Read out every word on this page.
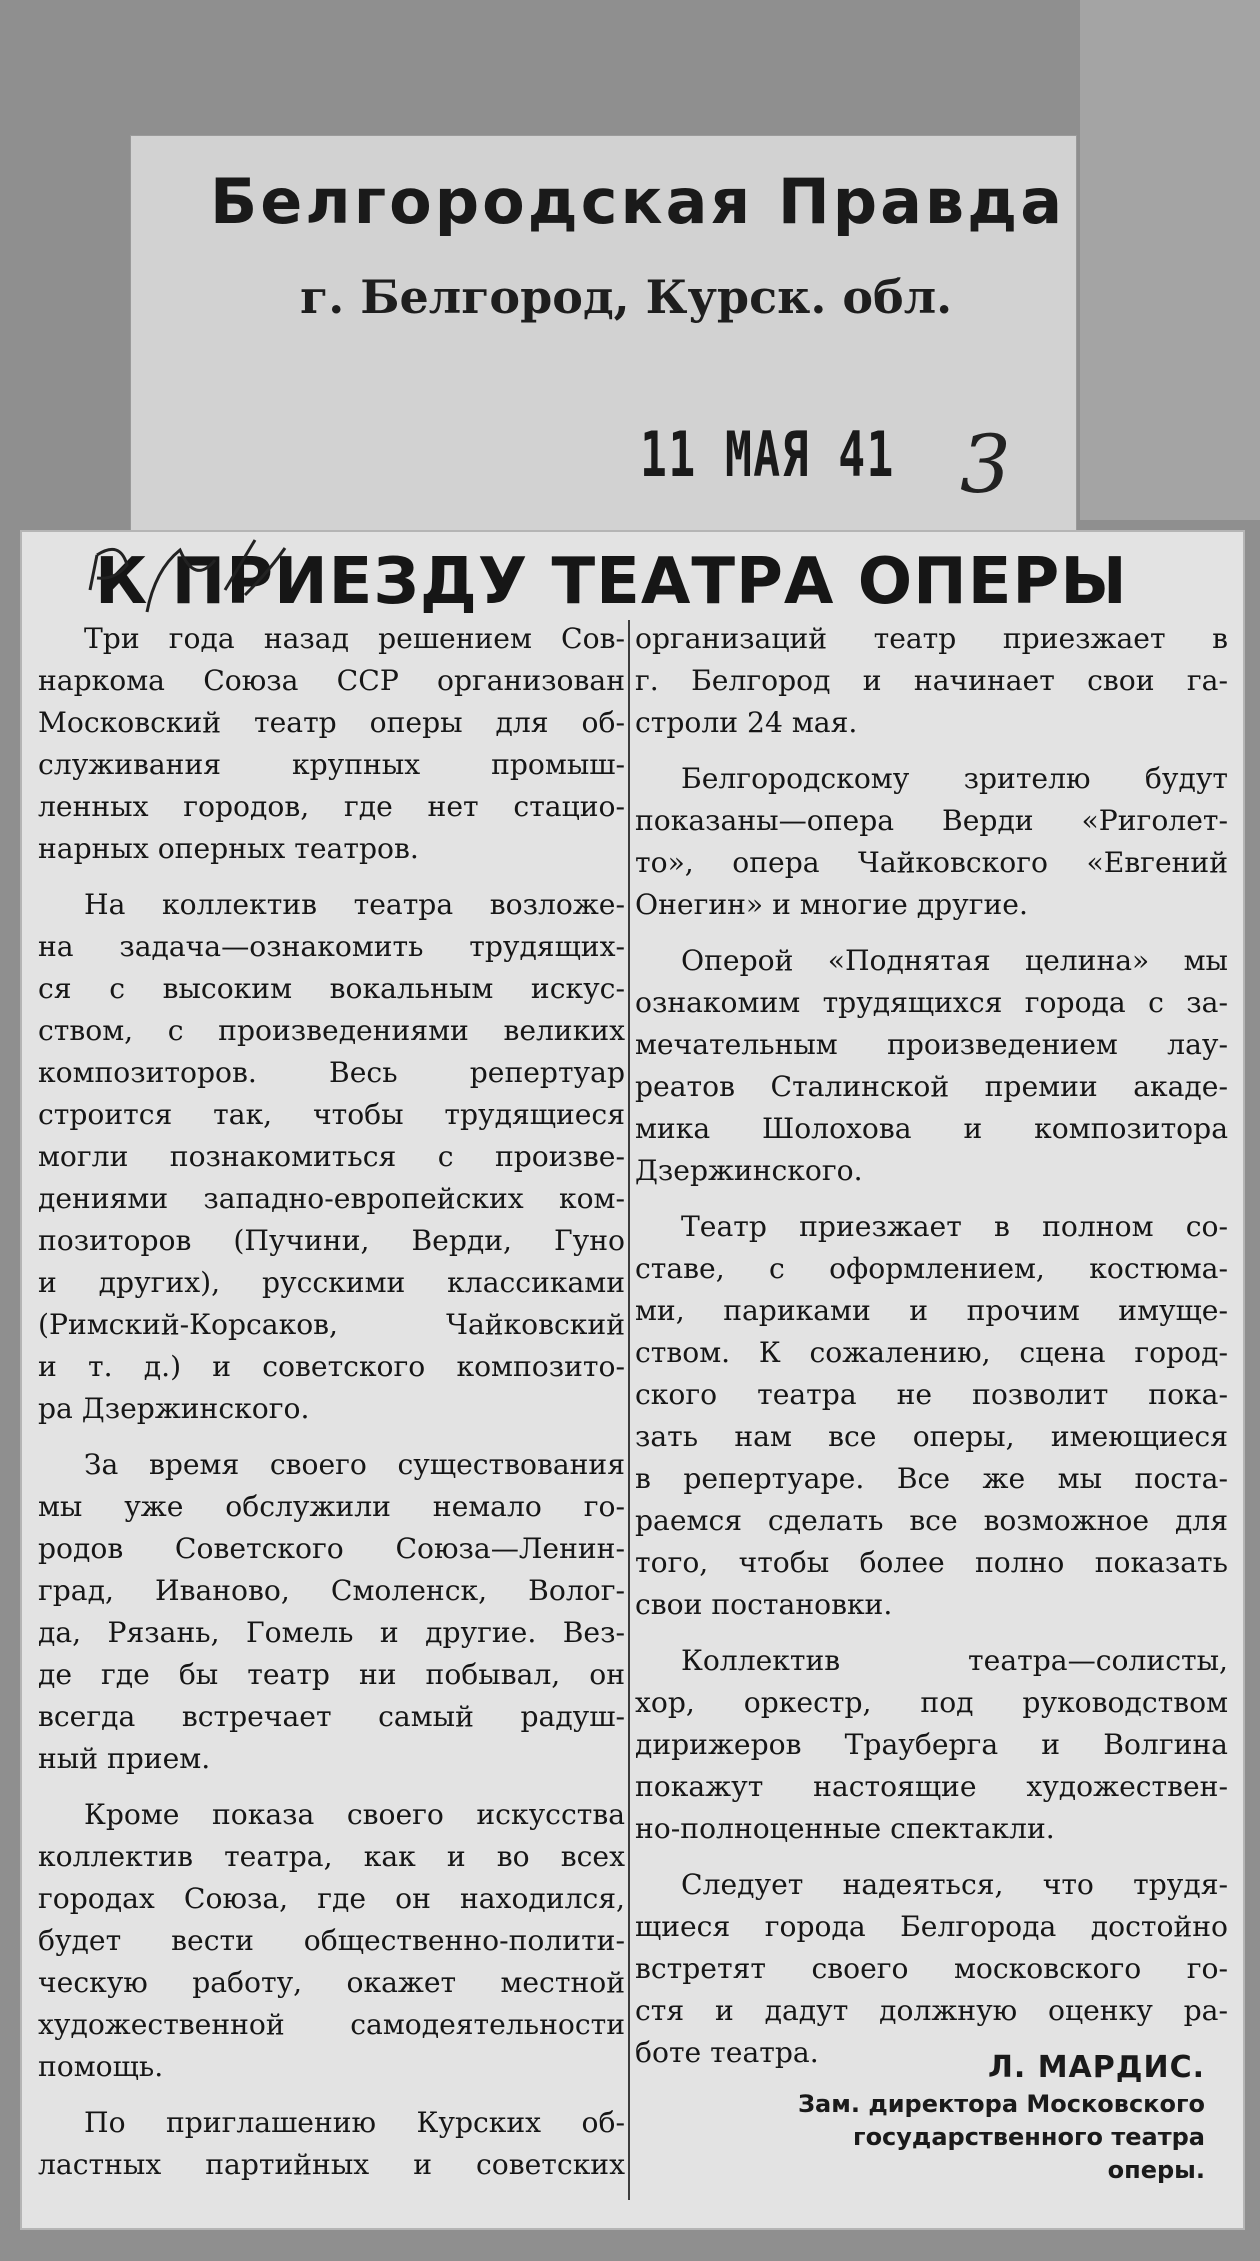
Белгородская Правда
г. Белгород, Курск. обл.
11 МАЯ 41 3
К ПРИЕЗДУ ТЕАТРА ОПЕРЫ
Три года назад решением Сов-
наркома Союза ССР организован
Московский театр оперы для об-
служивания крупных промыш-
ленных городов, где нет стацио-
нарных оперных театров.
На коллектив театра возложе-
на задача—ознакомить трудящих-
ся с высоким вокальным искус-
ством, с произведениями великих
композиторов. Весь репертуар
строится так, чтобы трудящиеся
могли познакомиться с произве-
дениями западно-европейских ком-
позиторов (Пучини, Верди, Гуно
и других), русскими классиками
(Римский-Корсаков, Чайковский
и т. д.) и советского композито-
ра Дзержинского.
За время своего существования
мы уже обслужили немало го-
родов Советского Союза—Ленин-
град, Иваново, Смоленск, Волог-
да, Рязань, Гомель и другие. Вез-
де где бы театр ни побывал, он
всегда встречает самый радуш-
ный прием.
Кроме показа своего искусства
коллектив театра, как и во всех
городах Союза, где он находился,
будет вести общественно-полити-
ческую работу, окажет местной
художественной самодеятельности
помощь.
По приглашению Курских об-
ластных партийных и советских
организаций театр приезжает в
г. Белгород и начинает свои га-
строли 24 мая.
Белгородскому зрителю будут
показаны—опера Верди «Риголет-
то», опера Чайковского «Евгений
Онегин» и многие другие.
Оперой «Поднятая целина» мы
ознакомим трудящихся города с за-
мечательным произведением лау-
реатов Сталинской премии акаде-
мика Шолохова и композитора
Дзержинского.
Театр приезжает в полном со-
ставе, с оформлением, костюма-
ми, париками и прочим имуще-
ством. К сожалению, сцена город-
ского театра не позволит пока-
зать нам все оперы, имеющиеся
в репертуаре. Все же мы поста-
раемся сделать все возможное для
того, чтобы более полно показать
свои постановки.
Коллектив театра—солисты,
хор, оркестр, под руководством
дирижеров Трауберга и Волгина
покажут настоящие художествен-
но-полноценные спектакли.
Следует надеяться, что трудя-
щиеся города Белгорода достойно
встретят своего московского го-
стя и дадут должную оценку ра-
боте театра.	Л. МАРДИС.
Зам. директора Московского
государственного театра
оперы.
